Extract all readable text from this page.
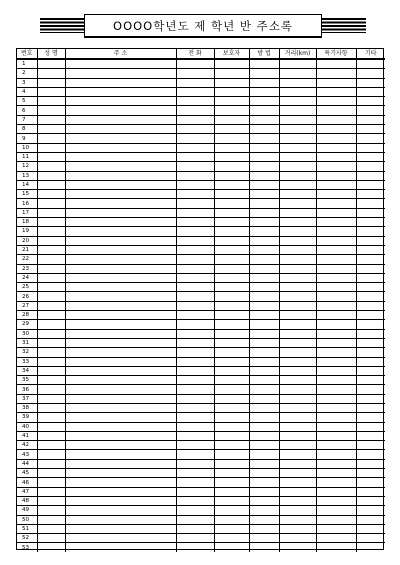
OOOO학년도 제 학년 반 주소록
번호	성 명	주 소	전 화	보호자	방 법	거리(km)	특기사항	기타
1								
2								
3								
4								
5								
6								
7								
8								
9								
10								
11								
12								
13								
14								
15								
16								
17								
18								
19								
20								
21								
22								
23								
24								
25								
26								
27								
28								
29								
30								
31								
32								
33								
34								
35								
36								
37								
38								
39								
40								
41								
42								
43								
44								
45								
46								
47								
48								
49								
50								
51								
52								
53								
